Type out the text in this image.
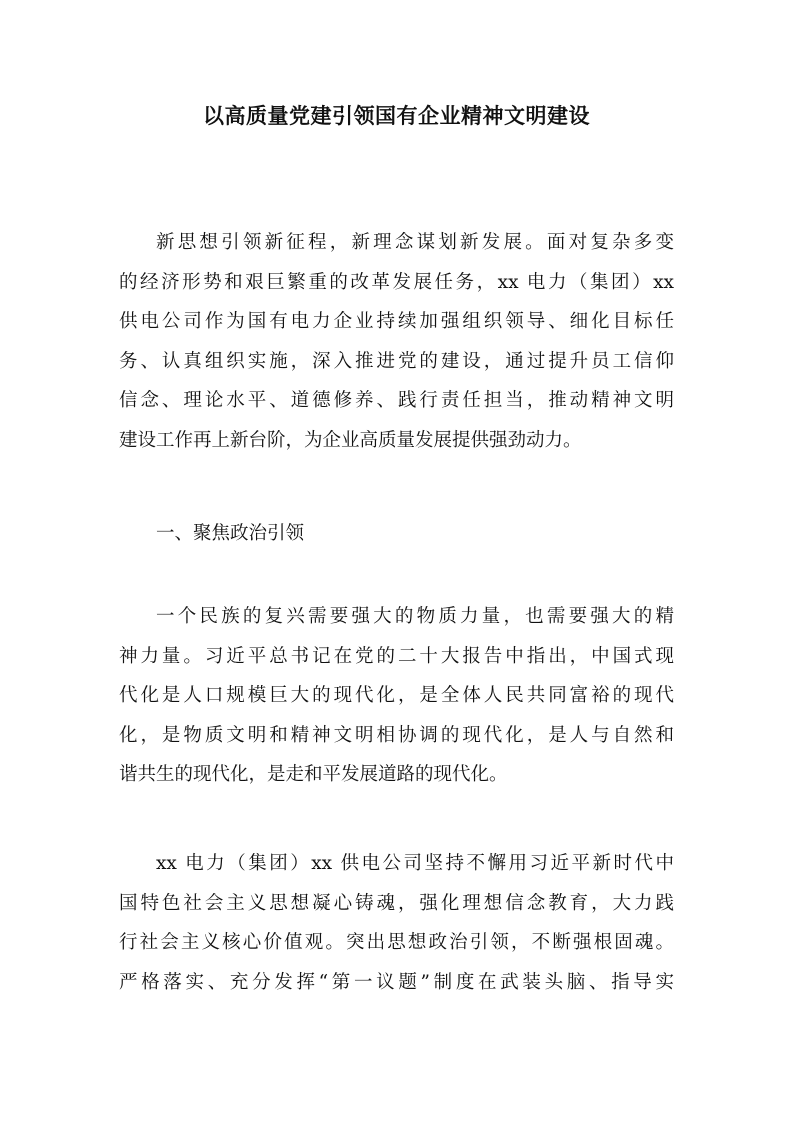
以高质量党建引领国有企业精神文明建设
新思想引领新征程，新理念谋划新发展。面对复杂多变
的经济形势和艰巨繁重的改革发展任务，xx 电力（集团）xx
供电公司作为国有电力企业持续加强组织领导、细化目标任
务、认真组织实施，深入推进党的建设，通过提升员工信仰
信念、理论水平、道德修养、践行责任担当，推动精神文明
建设工作再上新台阶，为企业高质量发展提供强劲动力。
一、聚焦政治引领
一个民族的复兴需要强大的物质力量，也需要强大的精
神力量。习近平总书记在党的二十大报告中指出，中国式现
代化是人口规模巨大的现代化，是全体人民共同富裕的现代
化，是物质文明和精神文明相协调的现代化，是人与自然和
谐共生的现代化，是走和平发展道路的现代化。
xx 电力（集团）xx 供电公司坚持不懈用习近平新时代中
国特色社会主义思想凝心铸魂，强化理想信念教育，大力践
行社会主义核心价值观。突出思想政治引领，不断强根固魂。
严格落实、充分发挥“第一议题”制度在武装头脑、指导实
